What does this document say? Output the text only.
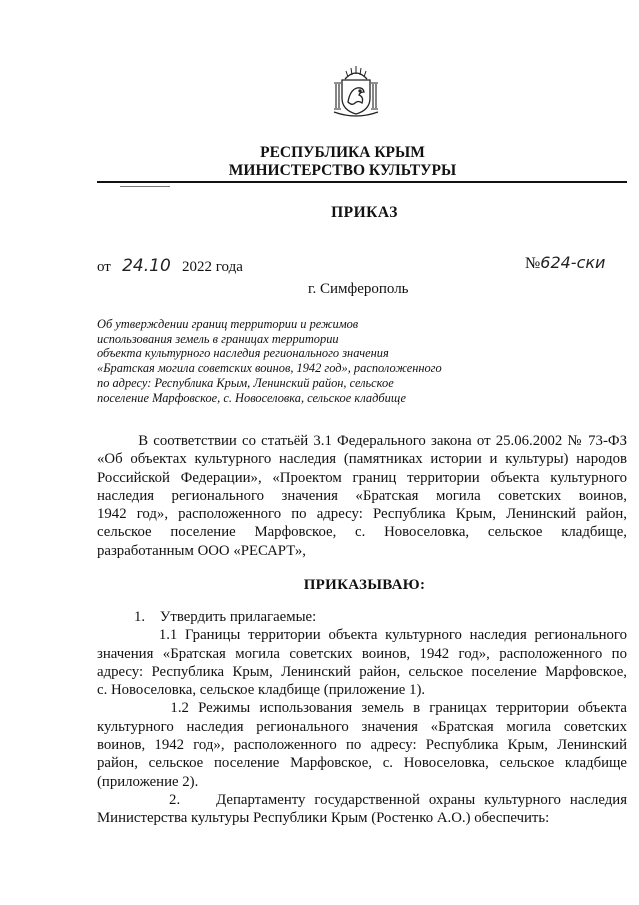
РЕСПУБЛИКА КРЫМ
МИНИСТЕРСТВО КУЛЬТУРЫ
ПРИКАЗ
от 24.10 2022 года	№624-ски
г. Симферополь
Об утверждении границ территории и режимов
использования земель в границах территории
объекта культурного наследия регионального значения
«Братская могила советских воинов, 1942 год», расположенного
по адресу: Республика Крым, Ленинский район, сельское
поселение Марфовское, с. Новоселовка, сельское кладбище
В соответствии со статьёй 3.1 Федерального закона от 25.06.2002 № 73-ФЗ
«Об объектах культурного наследия (памятниках истории и культуры) народов
Российской Федерации», «Проектом границ территории объекта культурного
наследия регионального значения «Братская могила советских воинов,
1942 год», расположенного по адресу: Республика Крым, Ленинский район,
сельское поселение Марфовское, с. Новоселовка, сельское кладбище,
разработанным ООО «РЕСАРТ»,
ПРИКАЗЫВАЮ:
1.    Утвердить прилагаемые:
1.1 Границы территории объекта культурного наследия регионального
значения «Братская могила советских воинов, 1942 год», расположенного по
адресу: Республика Крым, Ленинский район, сельское поселение Марфовское,
с. Новоселовка, сельское кладбище (приложение 1).
1.2 Режимы использования земель в границах территории объекта
культурного наследия регионального значения «Братская могила советских
воинов, 1942 год», расположенного по адресу: Республика Крым, Ленинский
район, сельское поселение Марфовское, с. Новоселовка, сельское кладбище
(приложение 2).
2.    Департаменту государственной охраны культурного наследия
Министерства культуры Республики Крым (Ростенко А.О.) обеспечить:
